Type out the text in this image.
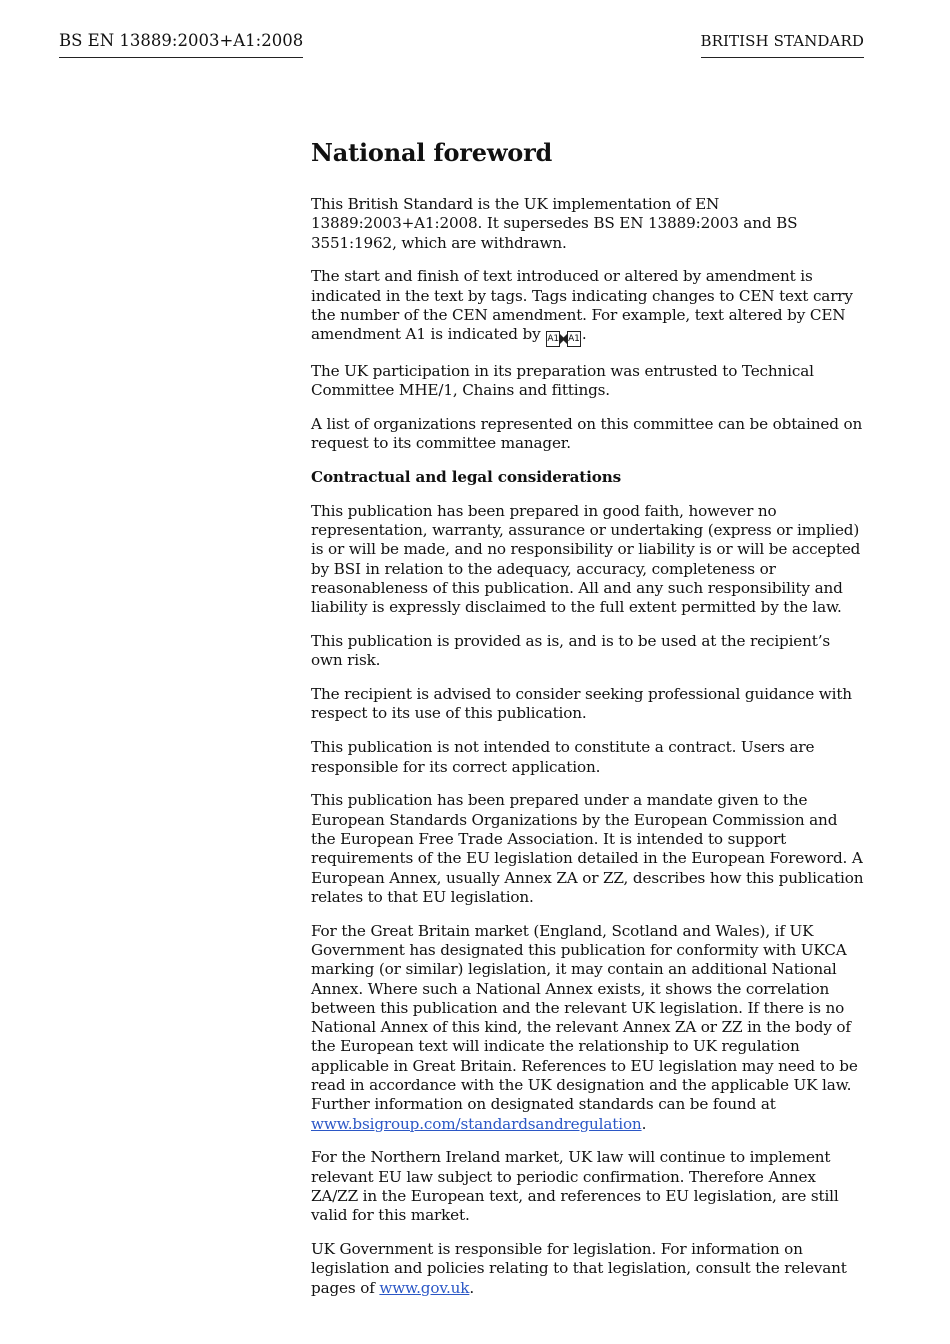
BS EN 13889:2003+A1:2008	BRITISH STANDARD
National foreword

This British Standard is the UK implementation of EN 13889:2003+A1:2008. It supersedes BS EN 13889:2003 and BS 3551:1962, which are withdrawn.

The start and finish of text introduced or altered by amendment is indicated in the text by tags. Tags indicating changes to CEN text carry the number of the CEN amendment. For example, text altered by CEN amendment A1 is indicated by A1 A1 .

The UK participation in its preparation was entrusted to Technical Committee MHE/1, Chains and fittings.

A list of organizations represented on this committee can be obtained on request to its committee manager.

Contractual and legal considerations

This publication has been prepared in good faith, however no representation, warranty, assurance or undertaking (express or implied) is or will be made, and no responsibility or liability is or will be accepted by BSI in relation to the adequacy, accuracy, completeness or reasonableness of this publication. All and any such responsibility and liability is expressly disclaimed to the full extent permitted by the law.

This publication is provided as is, and is to be used at the recipient’s own risk.

The recipient is advised to consider seeking professional guidance with respect to its use of this publication.

This publication is not intended to constitute a contract. Users are responsible for its correct application.

This publication has been prepared under a mandate given to the European Standards Organizations by the European Commission and the European Free Trade Association. It is intended to support requirements of the EU legislation detailed in the European Foreword. A European Annex, usually Annex ZA or ZZ, describes how this publication relates to that EU legislation.

For the Great Britain market (England, Scotland and Wales), if UK Government has designated this publication for conformity with UKCA marking (or similar) legislation, it may contain an additional National Annex. Where such a National Annex exists, it shows the correlation between this publication and the relevant UK legislation. If there is no National Annex of this kind, the relevant Annex ZA or ZZ in the body of the European text will indicate the relationship to UK regulation applicable in Great Britain. References to EU legislation may need to be read in accordance with the UK designation and the applicable UK law. Further information on designated standards can be found at www.bsigroup.com/standardsandregulation.

For the Northern Ireland market, UK law will continue to implement relevant EU law subject to periodic confirmation. Therefore Annex ZA/ZZ in the European text, and references to EU legislation, are still valid for this market.

UK Government is responsible for legislation. For information on legislation and policies relating to that legislation, consult the relevant pages of www.gov.uk.
